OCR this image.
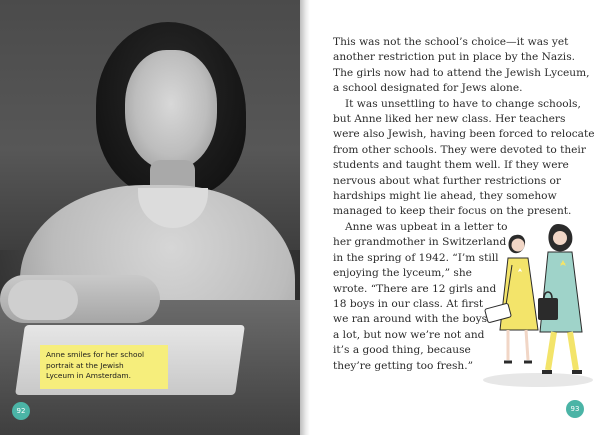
Anne smiles for her school
portrait at the Jewish
Lyceum in Amsterdam.
92
This was not the school’s choice—it was yet
another restriction put in place by the Nazis.
The girls now had to attend the Jewish Lyceum,
a school designated for Jews alone.
It was unsettling to have to change schools,
but Anne liked her new class. Her teachers
were also Jewish, having been forced to relocate
from other schools. They were devoted to their
students and taught them well. If they were
nervous about what further restrictions or
hardships might lie ahead, they somehow
managed to keep their focus on the present.
Anne was upbeat in a letter to
her grandmother in Switzerland
in the spring of 1942. “I’m still
enjoying the lyceum,” she
wrote. “There are 12 girls and
18 boys in our class. At first
we ran around with the boys
a lot, but now we’re not and
it’s a good thing, because
they’re getting too fresh.”
93
